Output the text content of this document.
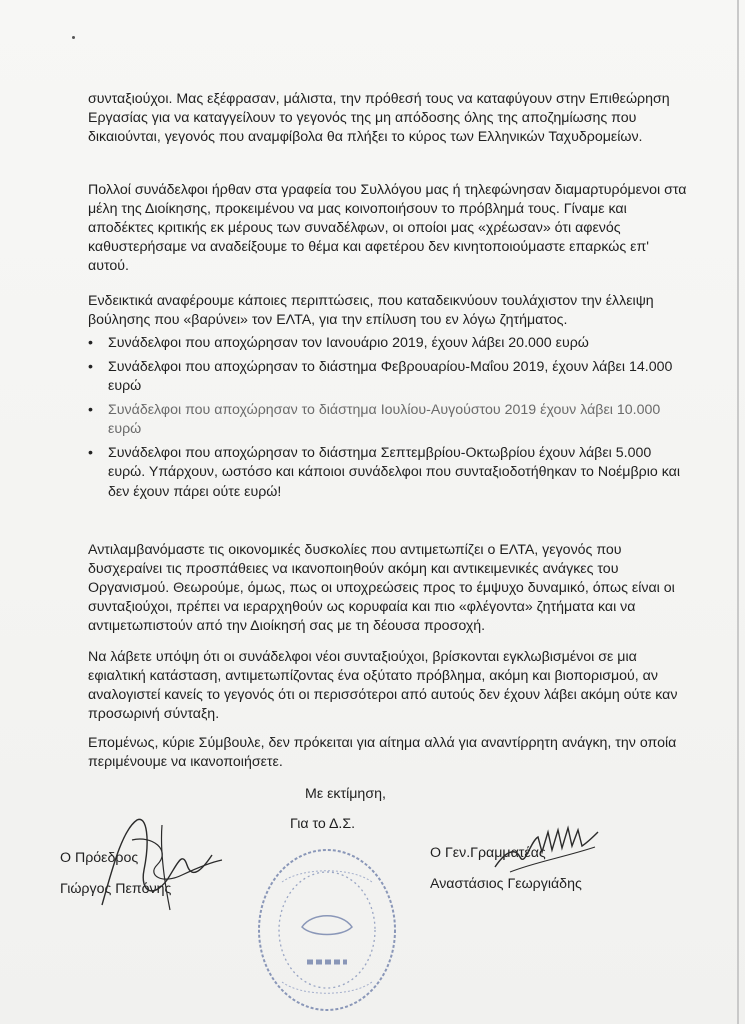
συνταξιούχοι. Μας εξέφρασαν, μάλιστα, την πρόθεσή τους να καταφύγουν στην Επιθεώρηση Εργασίας για να καταγγείλουν το γεγονός της μη απόδοσης όλης της αποζημίωσης που δικαιούνται, γεγονός που αναμφίβολα θα πλήξει το κύρος των Ελληνικών Ταχυδρομείων.

Πολλοί συνάδελφοι ήρθαν στα γραφεία του Συλλόγου μας ή τηλεφώνησαν διαμαρτυρόμενοι στα μέλη της Διοίκησης, προκειμένου να μας κοινοποιήσουν το πρόβλημά τους. Γίναμε και αποδέκτες κριτικής εκ μέρους των συναδέλφων, οι οποίοι μας «χρέωσαν» ότι αφενός καθυστερήσαμε να αναδείξουμε το θέμα και αφετέρου δεν κινητοποιούμαστε επαρκώς επ' αυτού.

Ενδεικτικά αναφέρουμε κάποιες περιπτώσεις, που καταδεικνύουν τουλάχιστον την έλλειψη βούλησης που «βαρύνει» τον ΕΛΤΑ, για την επίλυση του εν λόγω ζητήματος.

• Συνάδελφοι που αποχώρησαν τον Ιανουάριο 2019, έχουν λάβει 20.000 ευρώ
• Συνάδελφοι που αποχώρησαν το διάστημα Φεβρουαρίου-Μαΐου 2019, έχουν λάβει 14.000 ευρώ
• Συνάδελφοι που αποχώρησαν το διάστημα Ιουλίου-Αυγούστου 2019 έχουν λάβει 10.000 ευρώ
• Συνάδελφοι που αποχώρησαν το διάστημα Σεπτεμβρίου-Οκτωβρίου έχουν λάβει 5.000 ευρώ. Υπάρχουν, ωστόσο και κάποιοι συνάδελφοι που συνταξιοδοτήθηκαν το Νοέμβριο και δεν έχουν πάρει ούτε ευρώ!

Αντιλαμβανόμαστε τις οικονομικές δυσκολίες που αντιμετωπίζει ο ΕΛΤΑ, γεγονός που δυσχεραίνει τις προσπάθειες να ικανοποιηθούν ακόμη και αντικειμενικές ανάγκες του Οργανισμού. Θεωρούμε, όμως, πως οι υποχρεώσεις προς το έμψυχο δυναμικό, όπως είναι οι συνταξιούχοι, πρέπει να ιεραρχηθούν ως κορυφαία και πιο «φλέγοντα» ζητήματα και να αντιμετωπιστούν από την Διοίκησή σας με τη δέουσα προσοχή.

Να λάβετε υπόψη ότι οι συνάδελφοι νέοι συνταξιούχοι, βρίσκονται εγκλωβισμένοι σε μια εφιαλτική κατάσταση, αντιμετωπίζοντας ένα οξύτατο πρόβλημα, ακόμη και βιοπορισμού, αν αναλογιστεί κανείς το γεγονός ότι οι περισσότεροι από αυτούς δεν έχουν λάβει ακόμη ούτε καν προσωρινή σύνταξη.

Επομένως, κύριε Σύμβουλε, δεν πρόκειται για αίτημα αλλά για αναντίρρητη ανάγκη, την οποία περιμένουμε να ικανοποιήσετε.

Με εκτίμηση,
Για το Δ.Σ.
Ο Πρόεδρος
Γιώργος Πεπόνης
Ο Γεν.Γραμματέας
Αναστάσιος Γεωργιάδης
